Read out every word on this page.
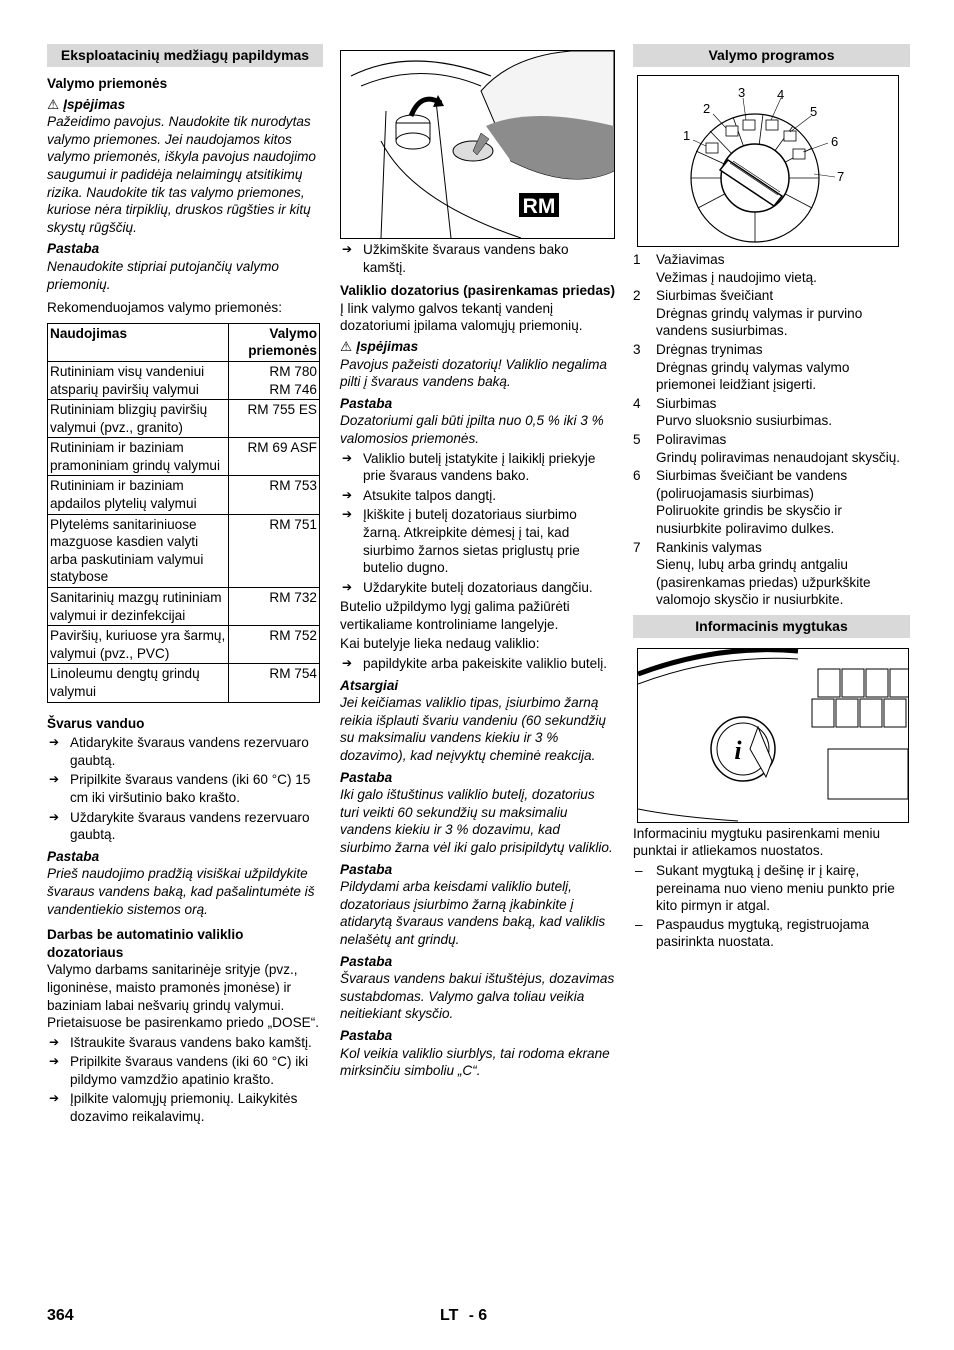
Eksploatacinių medžiagų papildymas
Valymo priemonės
⚠ Įspėjimas

Pažeidimo pavojus. Naudokite tik nurodytas valymo priemones. Jei naudojamos kitos valymo priemonės, iškyla pavojus naudojimo saugumui ir padidėja nelaimingų atsitikimų rizika. Naudokite tik tas valymo priemones, kuriose nėra tirpiklių, druskos rūgšties ir kitų skystų rūgščių.

Pastaba

Nenaudokite stipriai putojančių valymo priemonių.

Rekomenduojamos valymo priemonės:

Naudojimas	Valymo priemonės
Rutininiam visų vandeniui atsparių paviršių valymui	RM 780
RM 746
Rutininiam blizgių paviršių valymui (pvz., granito)	RM 755 ES
Rutininiam ir baziniam pramoniniam grindų valymui	RM 69 ASF
Rutininiam ir baziniam apdailos plytelių valymui	RM 753
Plytelėms sanitariniuose mazguose kasdien valyti arba paskutiniam valymui statybose	RM 751
Sanitarinių mazgų rutininiam valymui ir dezinfekcijai	RM 732
Paviršių, kuriuose yra šarmų, valymui (pvz., PVC)	RM 752
Linoleumu dengtų grindų valymui	RM 754
Švarus vanduo
➔ Atidarykite švaraus vandens rezervuaro gaubtą.
➔ Pripilkite švaraus vandens (iki 60 °C) 15 cm iki viršutinio bako krašto.
➔ Uždarykite švaraus vandens rezervuaro gaubtą.
Pastaba

Prieš naudojimo pradžią visiškai užpildykite švaraus vandens baką, kad pašalintumėte iš vandentiekio sistemos orą.

Darbas be automatinio valiklio dozatoriaus

Valymo darbams sanitarinėje srityje (pvz., ligoninėse, maisto pramonės įmonėse) ir baziniam labai nešvarių grindų valymui. Prietaisuose be pasirenkamo priedo „DOSE“.

➔ Ištraukite švaraus vandens bako kamštį.
➔ Pripilkite švaraus vandens (iki 60 °C) iki pildymo vamzdžio apatinio krašto.
➔ Įpilkite valomųjų priemonių. Laikykitės dozavimo reikalavimų.
RM
➔ Užkimškite švaraus vandens bako kamštį.
Valiklio dozatorius (pasirenkamas priedas)

Į link valymo galvos tekantį vandenį dozatoriumi įpilama valomųjų priemonių.

⚠ Įspėjimas

Pavojus pažeisti dozatorių! Valiklio negalima pilti į švaraus vandens baką.

Pastaba

Dozatoriumi gali būti įpilta nuo 0,5 % iki 3 % valomosios priemonės.

➔ Valiklio butelį įstatykite į laikiklį priekyje prie švaraus vandens bako.
➔ Atsukite talpos dangtį.
➔ Įkiškite į butelį dozatoriaus siurbimo žarną. Atkreipkite dėmesį į tai, kad siurbimo žarnos sietas priglustų prie butelio dugno.
➔ Uždarykite butelį dozatoriaus dangčiu.

Butelio užpildymo lygį galima pažiūrėti vertikaliame kontroliniame langelyje.

Kai butelyje lieka nedaug valiklio:

➔ papildykite arba pakeiskite valiklio butelį.
Atsargiai

Jei keičiamas valiklio tipas, įsiurbimo žarną reikia išplauti švariu vandeniu (60 sekundžių su maksimaliu vandens kiekiu ir 3 % dozavimo), kad neįvyktų cheminė reakcija.

Pastaba

Iki galo ištuštinus valiklio butelį, dozatorius turi veikti 60 sekundžių su maksimaliu vandens kiekiu ir 3 % dozavimu, kad siurbimo žarna vėl iki galo prisipildytų valiklio.

Pastaba

Pildydami arba keisdami valiklio butelį, dozatoriaus įsiurbimo žarną įkabinkite į atidarytą švaraus vandens baką, kad valiklis nelašėtų ant grindų.

Pastaba

Švaraus vandens bakui ištuštėjus, dozavimas sustabdomas. Valymo galva toliau veikia neitiekiant skysčio.

Pastaba

Kol veikia valiklio siurblys, tai rodoma ekrane mirksinčiu simboliu „C“.

Valymo programos
1
2
3 4
5
6
7
1	Važiavimas
Vežimas į naudojimo vietą.
2	Siurbimas šveičiant
Drėgnas grindų valymas ir purvino vandens susiurbimas.
3	Drėgnas trynimas
Drėgnas grindų valymas valymo priemonei leidžiant įsigerti.
4	Siurbimas
Purvo sluoksnio susiurbimas.
5	Poliravimas
Grindų poliravimas nenaudojant skysčių.
6	Siurbimas šveičiant be vandens (poliruojamasis siurbimas)
Poliruokite grindis be skysčio ir nusiurbkite poliravimo dulkes.
7	Rankinis valymas
Sienų, lubų arba grindų antgaliu (pasirenkamas priedas) užpurkškite valomojo skysčio ir nusiurbkite.
Informacinis mygtukas
i

Informaciniu mygtuku pasirenkami meniu punktai ir atliekamos nuostatos.

– Sukant mygtuką į dešinę ir į kairę, pereinama nuo vieno meniu punkto prie kito pirmyn ir atgal.
– Paspaudus mygtuką, registruojama pasirinkta nuostata.
364	LT - 6
